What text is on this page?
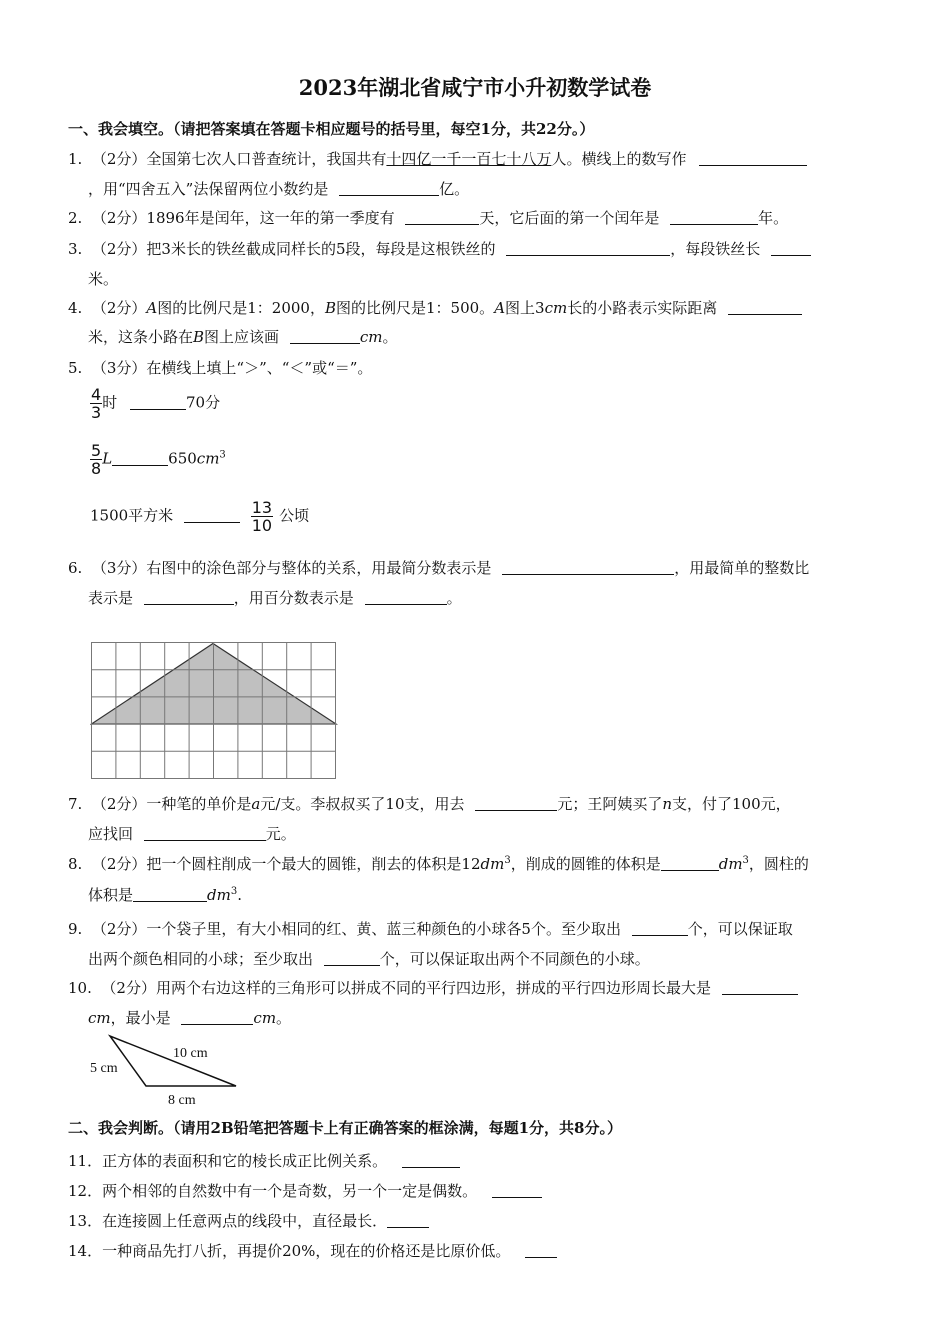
2023年湖北省咸宁市小升初数学试卷
一、我会填空。（请把答案填在答题卡相应题号的括号里，每空1分，共22分。）
1. （2分）全国第七次人口普查统计，我国共有十四亿一千一百七十八万人。横线上的数写作
，用“四舍五入”法保留两位小数约是	亿。
2. （2分）1896年是闰年，这一年的第一季度有	天，它后面的第一个闰年是	年。
3. （2分）把3米长的铁丝截成同样长的5段，每段是这根铁丝的	，每段铁丝长
米。
4. （2分）A图的比例尺是1：2000，B图的比例尺是1：500。A图上3cm长的小路表示实际距离
米，这条小路在B图上应该画	cm。
5. （3分）在横线上填上“＞”、“＜”或“＝”。
$\frac{4}{3}$ 时	70分
$\frac{5}{8}$ L	$650cm^3$
1500平方米	$\frac{13}{10}$ 公顷
6. （3分）右图中的涂色部分与整体的关系，用最简分数表示是	，用最简单的整数比
表示是	，用百分数表示是	。
7. （2分）一种笔的单价是a元/支。李叔叔买了10支，用去	元；王阿姨买了n支，付了100元，
应找回	元。
8. （2分）把一个圆柱削成一个最大的圆锥，削去的体积是$12dm^3$，削成的圆锥的体积是	$dm^3$，圆柱的
体积是	$dm^3$.
9. （2分）一个袋子里，有大小相同的红、黄、蓝三种颜色的小球各5个。至少取出	个，可以保证取
出两个颜色相同的小球；至少取出	个，可以保证取出两个不同颜色的小球。
10. （2分）用两个右边这样的三角形可以拼成不同的平行四边形，拼成的平行四边形周长最大是
cm，最小是	cm。
5 cm
10 cm
8 cm
二、我会判断。（请用2B铅笔把答题卡上有正确答案的框涂满，每题1分，共8分。）
11．正方体的表面积和它的棱长成正比例关系。
12．两个相邻的自然数中有一个是奇数，另一个一定是偶数。
13．在连接圆上任意两点的线段中，直径最长．
14．一种商品先打八折，再提价20%，现在的价格还是比原价低。
